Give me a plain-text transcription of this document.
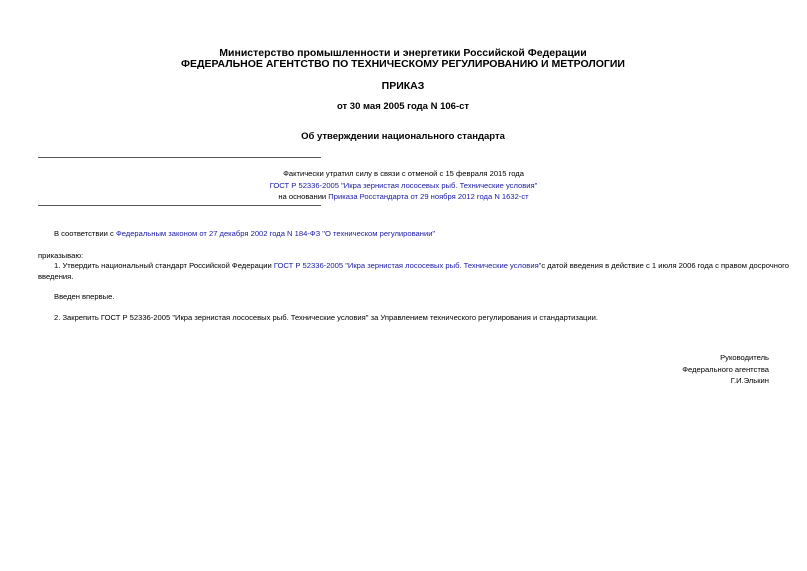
Министерство промышленности и энергетики Российской Федерации
ФЕДЕРАЛЬНОЕ АГЕНТСТВО ПО ТЕХНИЧЕСКОМУ РЕГУЛИРОВАНИЮ И МЕТРОЛОГИИ
ПРИКАЗ
от 30 мая 2005 года N 106-ст
Об утверждении национального стандарта
Фактически утратил силу в связи с отменой с 15 февраля 2015 года
ГОСТ Р 52336-2005 "Икра зернистая лососевых рыб. Технические условия"
на основании Приказа Росстандарта от 29 ноября 2012 года N 1632-ст
В соответствии с Федеральным законом от 27 декабря 2002 года N 184-ФЗ "О техническом регулировании"
приказываю:
1. Утвердить национальный стандарт Российской Федерации ГОСТ Р 52336-2005 "Икра зернистая лососевых рыб. Технические условия"с датой введения в действие с 1 июля 2006 года с правом досрочного
введения.
Введен впервые.
2. Закрепить ГОСТ Р 52336-2005 "Икра зернистая лососевых рыб. Технические условия" за Управлением технического регулирования и стандартизации.
Руководитель
Федерального агентства
Г.И.Элькин
